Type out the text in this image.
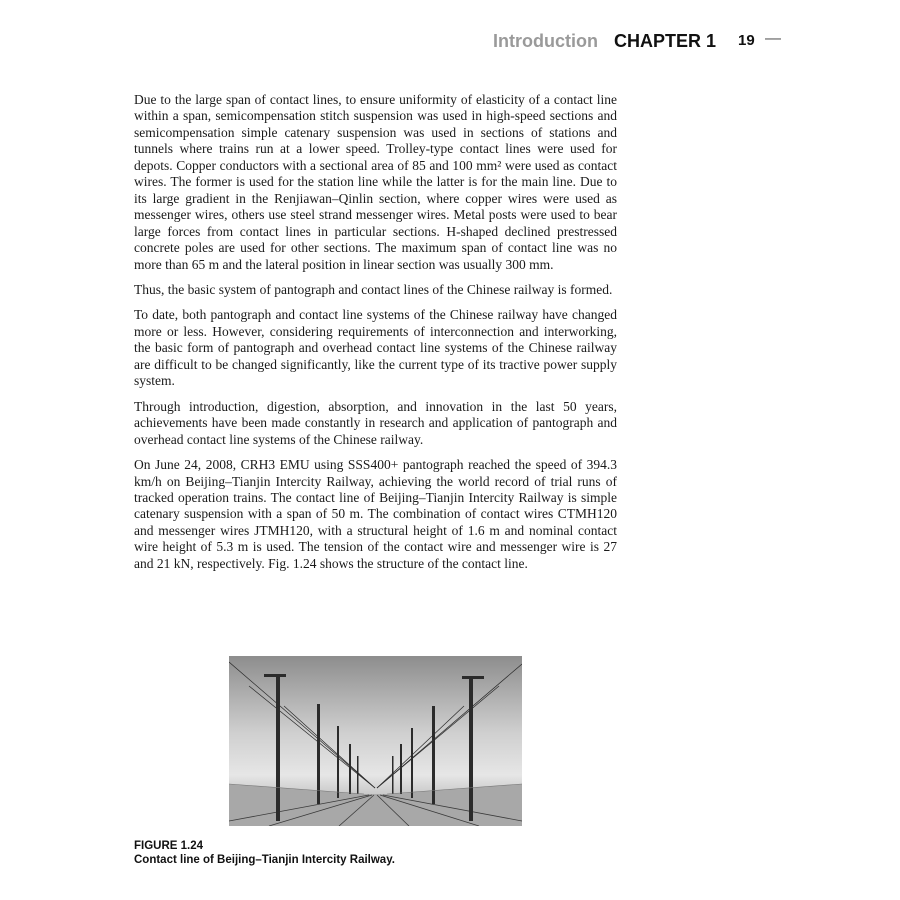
Introduction CHAPTER 1 19 —

Due to the large span of contact lines, to ensure uniformity of elasticity of a contact line within a span, semicompensation stitch suspension was used in high-speed sections and semicompensation simple catenary suspension was used in sections of stations and tunnels where trains run at a lower speed. Trolley-type contact lines were used for depots. Copper conductors with a sectional area of 85 and 100 mm² were used as contact wires. The former is used for the station line while the latter is for the main line. Due to its large gradient in the Renjiawan–Qinlin section, where copper wires were used as messenger wires, others use steel strand messenger wires. Metal posts were used to bear large forces from contact lines in particular sections. H-shaped declined prestressed concrete poles are used for other sections. The maximum span of contact line was no more than 65 m and the lateral position in linear section was usually 300 mm.

Thus, the basic system of pantograph and contact lines of the Chinese railway is formed.

To date, both pantograph and contact line systems of the Chinese railway have changed more or less. However, considering requirements of interconnection and interworking, the basic form of pantograph and overhead contact line systems of the Chinese railway are difficult to be changed significantly, like the current type of its tractive power supply system.

Through introduction, digestion, absorption, and innovation in the last 50 years, achievements have been made constantly in research and application of pantograph and overhead contact line systems of the Chinese railway.

On June 24, 2008, CRH3 EMU using SSS400+ pantograph reached the speed of 394.3 km/h on Beijing–Tianjin Intercity Railway, achieving the world record of trial runs of tracked operation trains. The contact line of Beijing–Tianjin Intercity Railway is simple catenary suspension with a span of 50 m. The combination of contact wires CTMH120 and messenger wires JTMH120, with a structural height of 1.6 m and nominal contact wire height of 5.3 m is used. The tension of the contact wire and messenger wire is 27 and 21 kN, respectively. Fig. 1.24 shows the structure of the contact line.

FIGURE 1.24
Contact line of Beijing–Tianjin Intercity Railway.
